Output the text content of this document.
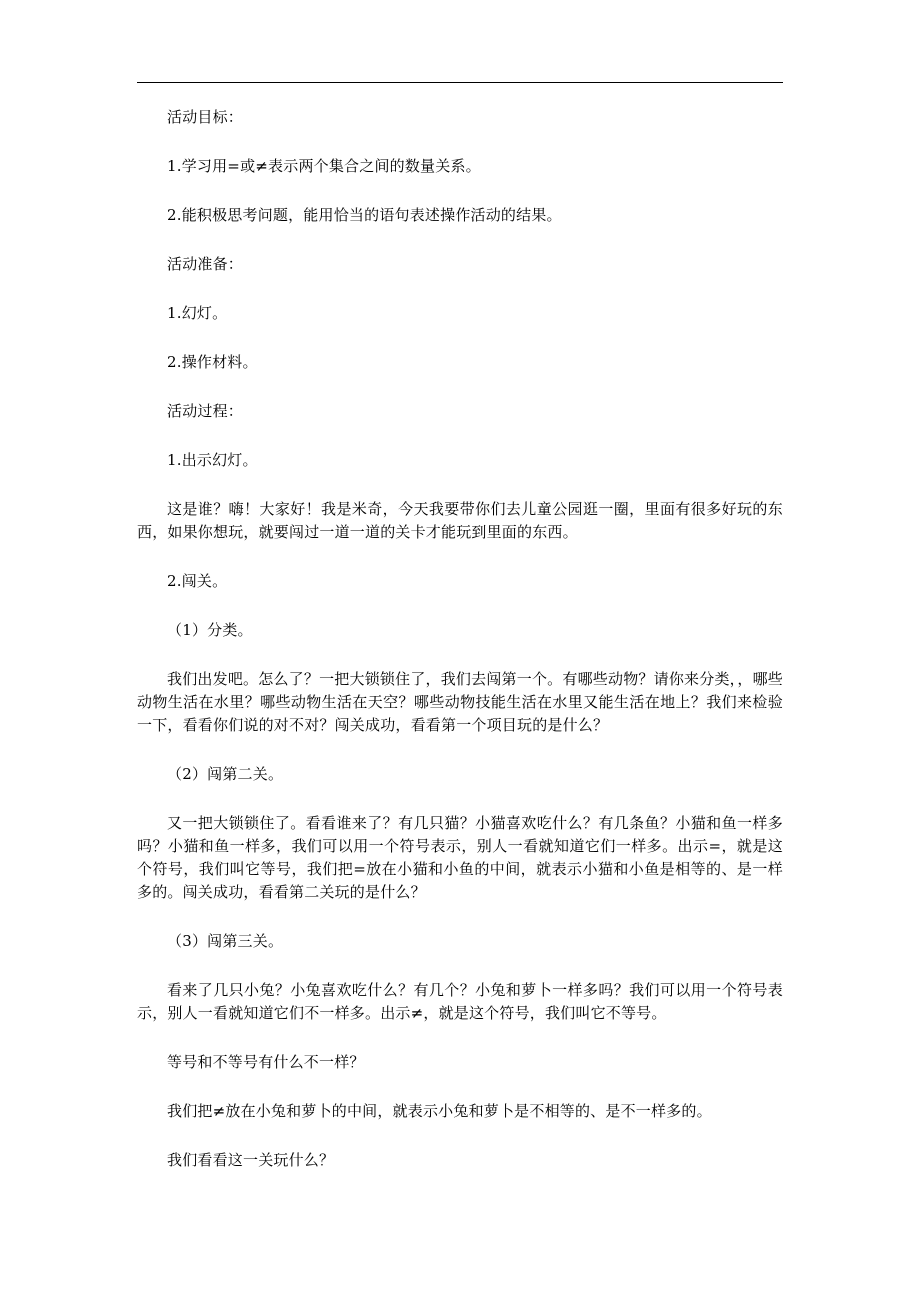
活动目标：

1.学习用=或≠表示两个集合之间的数量关系。

2.能积极思考问题，能用恰当的语句表述操作活动的结果。

活动准备：

1.幻灯。

2.操作材料。

活动过程：

1.出示幻灯。

这是谁？嗨！大家好！我是米奇，今天我要带你们去儿童公园逛一圈，里面有很多好玩的东西，如果你想玩，就要闯过一道一道的关卡才能玩到里面的东西。

2.闯关。

（1）分类。

我们出发吧。怎么了？一把大锁锁住了，我们去闯第一个。有哪些动物？请你来分类，，哪些动物生活在水里？哪些动物生活在天空？哪些动物技能生活在水里又能生活在地上？我们来检验一下，看看你们说的对不对？闯关成功，看看第一个项目玩的是什么？

（2）闯第二关。

又一把大锁锁住了。看看谁来了？有几只猫？小猫喜欢吃什么？有几条鱼？小猫和鱼一样多吗？小猫和鱼一样多，我们可以用一个符号表示，别人一看就知道它们一样多。出示=，就是这个符号，我们叫它等号，我们把=放在小猫和小鱼的中间，就表示小猫和小鱼是相等的、是一样多的。闯关成功，看看第二关玩的是什么？

（3）闯第三关。

看来了几只小兔？小兔喜欢吃什么？有几个？小兔和萝卜一样多吗？我们可以用一个符号表示，别人一看就知道它们不一样多。出示≠，就是这个符号，我们叫它不等号。

等号和不等号有什么不一样？

我们把≠放在小兔和萝卜的中间，就表示小兔和萝卜是不相等的、是不一样多的。

我们看看这一关玩什么？
